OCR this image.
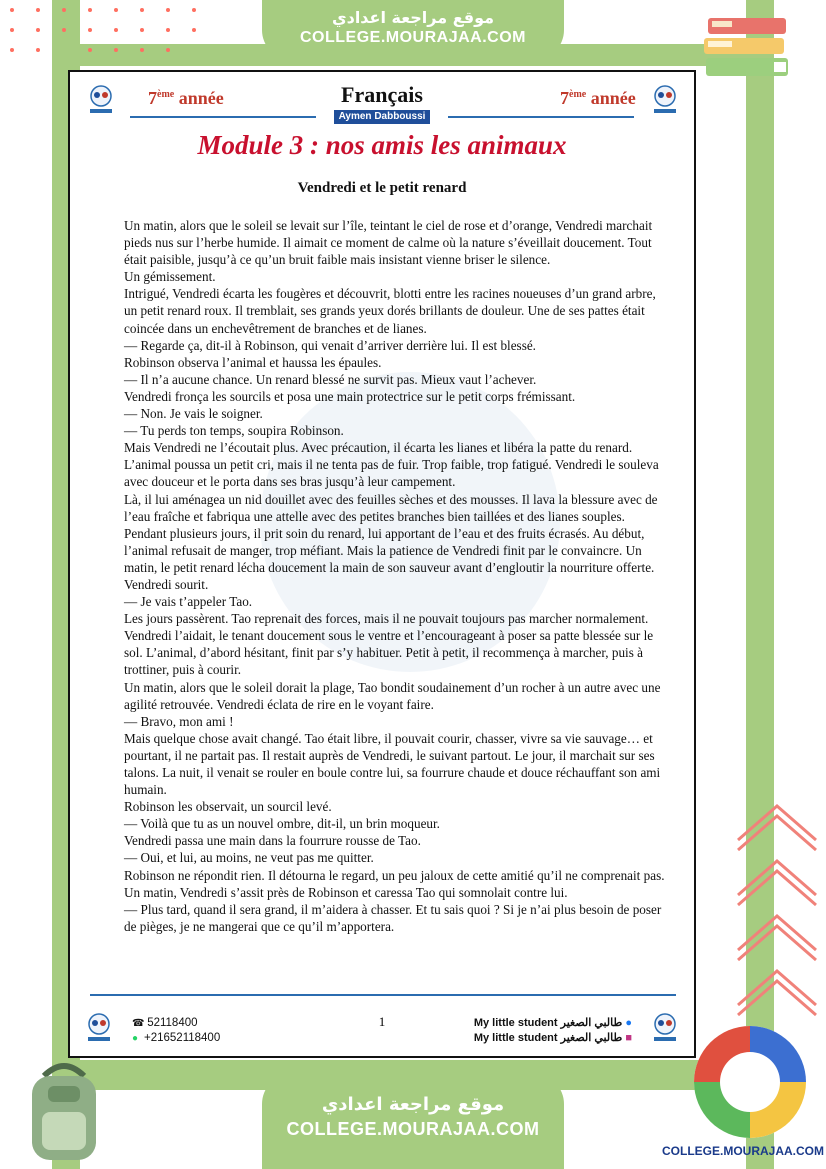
موقع مراجعة اعدادي
COLLEGE.MOURAJAA.COM
7ème année	Français
Aymen Dabboussi
7ème année
Module 3 : nos amis les animaux
Vendredi et le petit renard

Un matin, alors que le soleil se levait sur l’île, teintant le ciel de rose et d’orange, Vendredi marchait pieds nus sur l’herbe humide. Il aimait ce moment de calme où la nature s’éveillait doucement. Tout était paisible, jusqu’à ce qu’un bruit faible mais insistant vienne briser le silence.

Un gémissement.

Intrigué, Vendredi écarta les fougères et découvrit, blotti entre les racines noueuses d’un grand arbre, un petit renard roux. Il tremblait, ses grands yeux dorés brillants de douleur. Une de ses pattes était coincée dans un enchevêtrement de branches et de lianes.

— Regarde ça, dit-il à Robinson, qui venait d’arriver derrière lui. Il est blessé.

Robinson observa l’animal et haussa les épaules.

— Il n’a aucune chance. Un renard blessé ne survit pas. Mieux vaut l’achever.

Vendredi fronça les sourcils et posa une main protectrice sur le petit corps frémissant.

— Non. Je vais le soigner.

— Tu perds ton temps, soupira Robinson.

Mais Vendredi ne l’écoutait plus. Avec précaution, il écarta les lianes et libéra la patte du renard. L’animal poussa un petit cri, mais il ne tenta pas de fuir. Trop faible, trop fatigué. Vendredi le souleva avec douceur et le porta dans ses bras jusqu’à leur campement.

Là, il lui aménagea un nid douillet avec des feuilles sèches et des mousses. Il lava la blessure avec de l’eau fraîche et fabriqua une attelle avec des petites branches bien taillées et des lianes souples. Pendant plusieurs jours, il prit soin du renard, lui apportant de l’eau et des fruits écrasés. Au début, l’animal refusait de manger, trop méfiant. Mais la patience de Vendredi finit par le convaincre. Un matin, le petit renard lécha doucement la main de son sauveur avant d’engloutir la nourriture offerte.

Vendredi sourit.

— Je vais t’appeler Tao.

Les jours passèrent. Tao reprenait des forces, mais il ne pouvait toujours pas marcher normalement. Vendredi l’aidait, le tenant doucement sous le ventre et l’encourageant à poser sa patte blessée sur le sol. L’animal, d’abord hésitant, finit par s’y habituer. Petit à petit, il recommença à marcher, puis à trottiner, puis à courir.

Un matin, alors que le soleil dorait la plage, Tao bondit soudainement d’un rocher à un autre avec une agilité retrouvée. Vendredi éclata de rire en le voyant faire.

— Bravo, mon ami !

Mais quelque chose avait changé. Tao était libre, il pouvait courir, chasser, vivre sa vie sauvage… et pourtant, il ne partait pas. Il restait auprès de Vendredi, le suivant partout. Le jour, il marchait sur ses talons. La nuit, il venait se rouler en boule contre lui, sa fourrure chaude et douce réchauffant son ami humain.

Robinson les observait, un sourcil levé.

— Voilà que tu as un nouvel ombre, dit-il, un brin moqueur.

Vendredi passa une main dans la fourrure rousse de Tao.

— Oui, et lui, au moins, ne veut pas me quitter.

Robinson ne répondit rien. Il détourna le regard, un peu jaloux de cette amitié qu’il ne comprenait pas.

Un matin, Vendredi s’assit près de Robinson et caressa Tao qui somnolait contre lui.

— Plus tard, quand il sera grand, il m’aidera à chasser. Et tu sais quoi ? Si je n’ai plus besoin de poser de pièges, je ne mangerai que ce qu’il m’apportera.

☎ 52118400
● +21652118400
1	My little student طالبي الصغير ●
My little student طالبي الصغير ■
موقع مراجعة اعدادي
COLLEGE.MOURAJAA.COM
COLLEGE.MOURAJAA.COM
